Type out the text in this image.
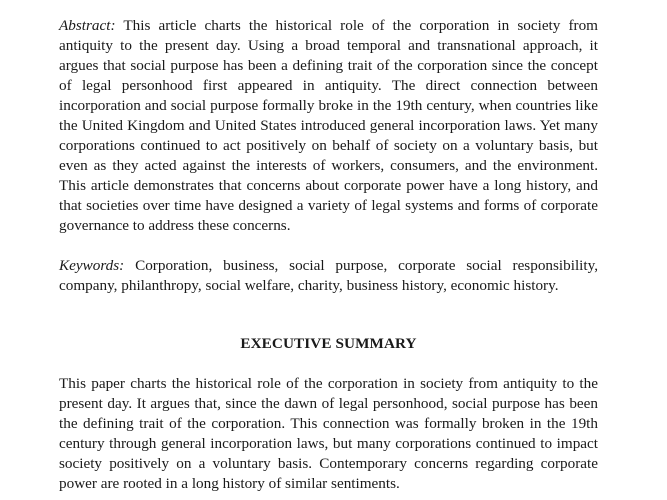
Abstract: This article charts the historical role of the corporation in society from antiquity to the present day. Using a broad temporal and transnational approach, it argues that social purpose has been a defining trait of the corporation since the concept of legal personhood first appeared in antiquity. The direct connection between incorporation and social purpose formally broke in the 19th century, when countries like the United Kingdom and United States introduced general incorporation laws. Yet many corporations continued to act positively on behalf of society on a voluntary basis, but even as they acted against the interests of workers, consumers, and the environment. This article demonstrates that concerns about corporate power have a long history, and that societies over time have designed a variety of legal systems and forms of corporate governance to address these concerns.

Keywords: Corporation, business, social purpose, corporate social responsibility, company, philanthropy, social welfare, charity, business history, economic history.

EXECUTIVE SUMMARY

This paper charts the historical role of the corporation in society from antiquity to the present day. It argues that, since the dawn of legal personhood, social purpose has been the defining trait of the corporation. This connection was formally broken in the 19th century through general incorporation laws, but many corporations continued to impact society positively on a voluntary basis. Contemporary concerns regarding corporate power are rooted in a long history of similar sentiments.
